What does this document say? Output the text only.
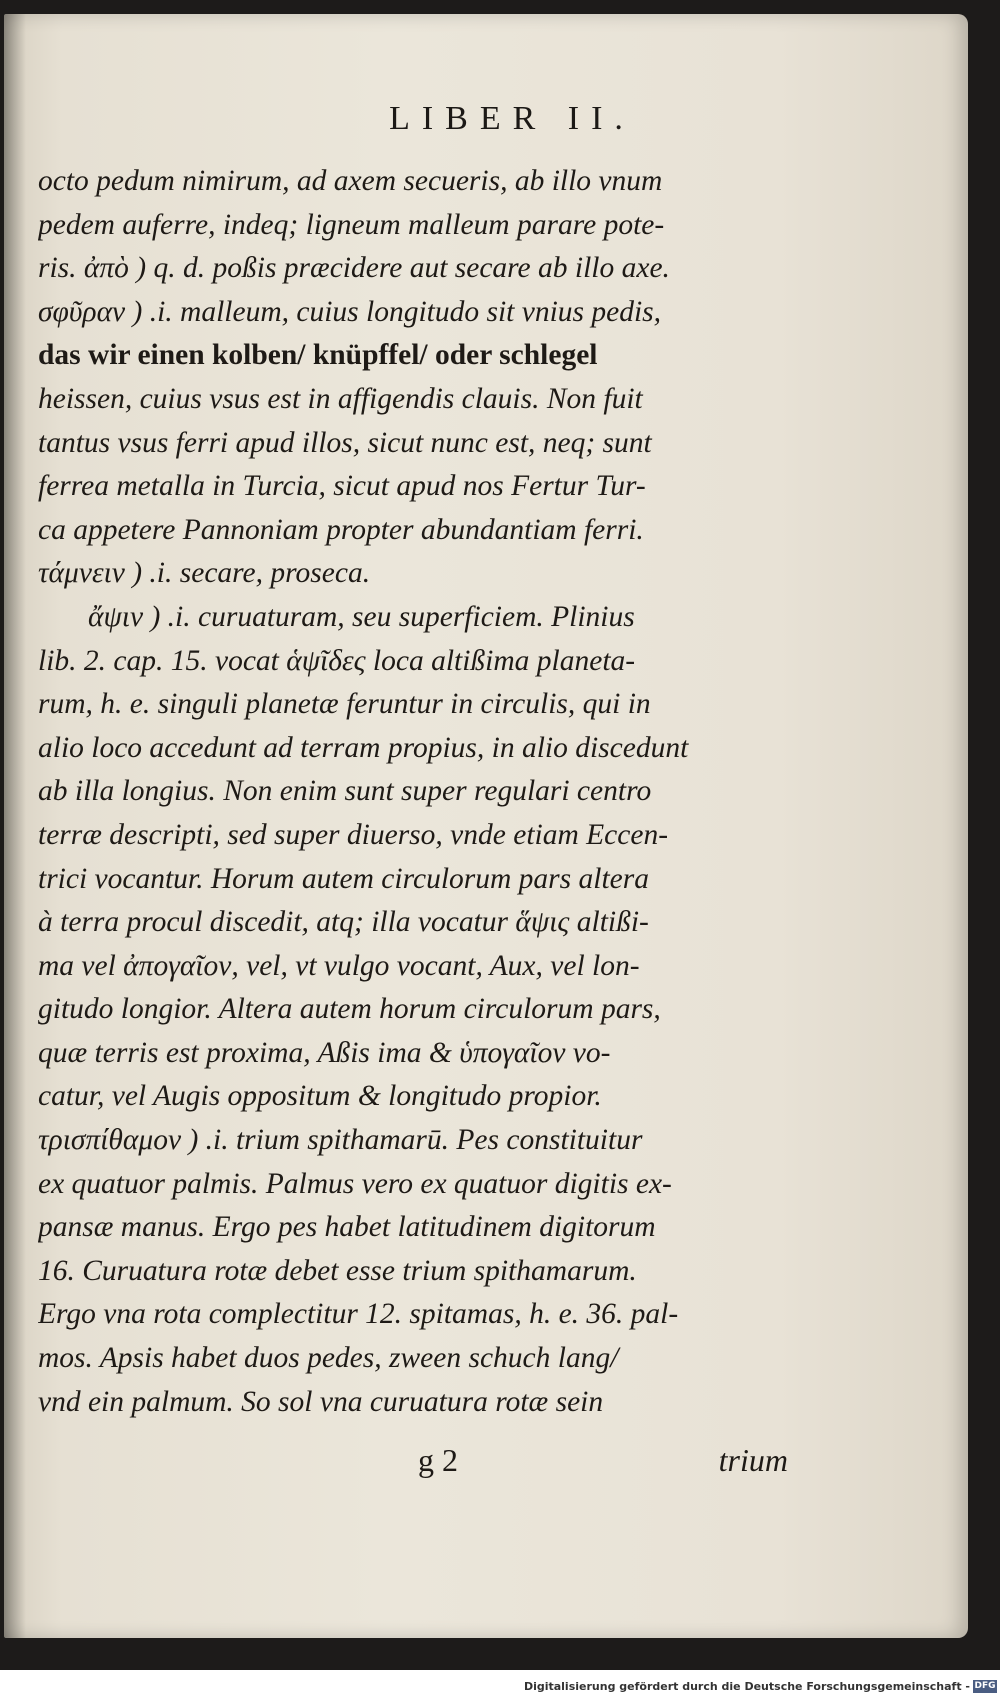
LIBER II.
octo pedum nimirum, ad axem secueris, ab illo vnum
pedem auferre, indeq; ligneum malleum parare pote-
ris. ἀπὸ ) q. d. poßis præcidere aut secare ab illo axe.
σφῦραν ) .i. malleum, cuius longitudo sit vnius pedis,
das wir einen kolben/ knüpffel/ oder schlegel
heissen, cuius vsus est in affigendis clauis. Non fuit
tantus vsus ferri apud illos, sicut nunc est, neq; sunt
ferrea metalla in Turcia, sicut apud nos Fertur Tur-
ca appetere Pannoniam propter abundantiam ferri.
τάμνειν ) .i. secare, proseca.
ἄψιν ) .i. curuaturam, seu superficiem. Plinius
lib. 2. cap. 15. vocat ἁψῖδες loca altißima planeta-
rum, h. e. singuli planetæ feruntur in circulis, qui in
alio loco accedunt ad terram propius, in alio discedunt
ab illa longius. Non enim sunt super regulari centro
terræ descripti, sed super diuerso, vnde etiam Eccen-
trici vocantur. Horum autem circulorum pars altera
à terra procul discedit, atq; illa vocatur ἅψις altißi-
ma vel ἀπογαῖον, vel, vt vulgo vocant, Aux, vel lon-
gitudo longior. Altera autem horum circulorum pars,
quæ terris est proxima, Aßis ima & ὑπογαῖον vo-
catur, vel Augis oppositum & longitudo propior.
τρισπίθαμον ) .i. trium spithamarū. Pes constituitur
ex quatuor palmis. Palmus vero ex quatuor digitis ex-
pansæ manus. Ergo pes habet latitudinem digitorum
16. Curuatura rotæ debet esse trium spithamarum.
Ergo vna rota complectitur 12. spitamas, h. e. 36. pal-
mos. Apsis habet duos pedes, zween schuch lang/
vnd ein palmum. So sol vna curuatura rotæ sein
g 2	trium
Digitalisierung gefördert durch die Deutsche Forschungsgemeinschaft - DFG
